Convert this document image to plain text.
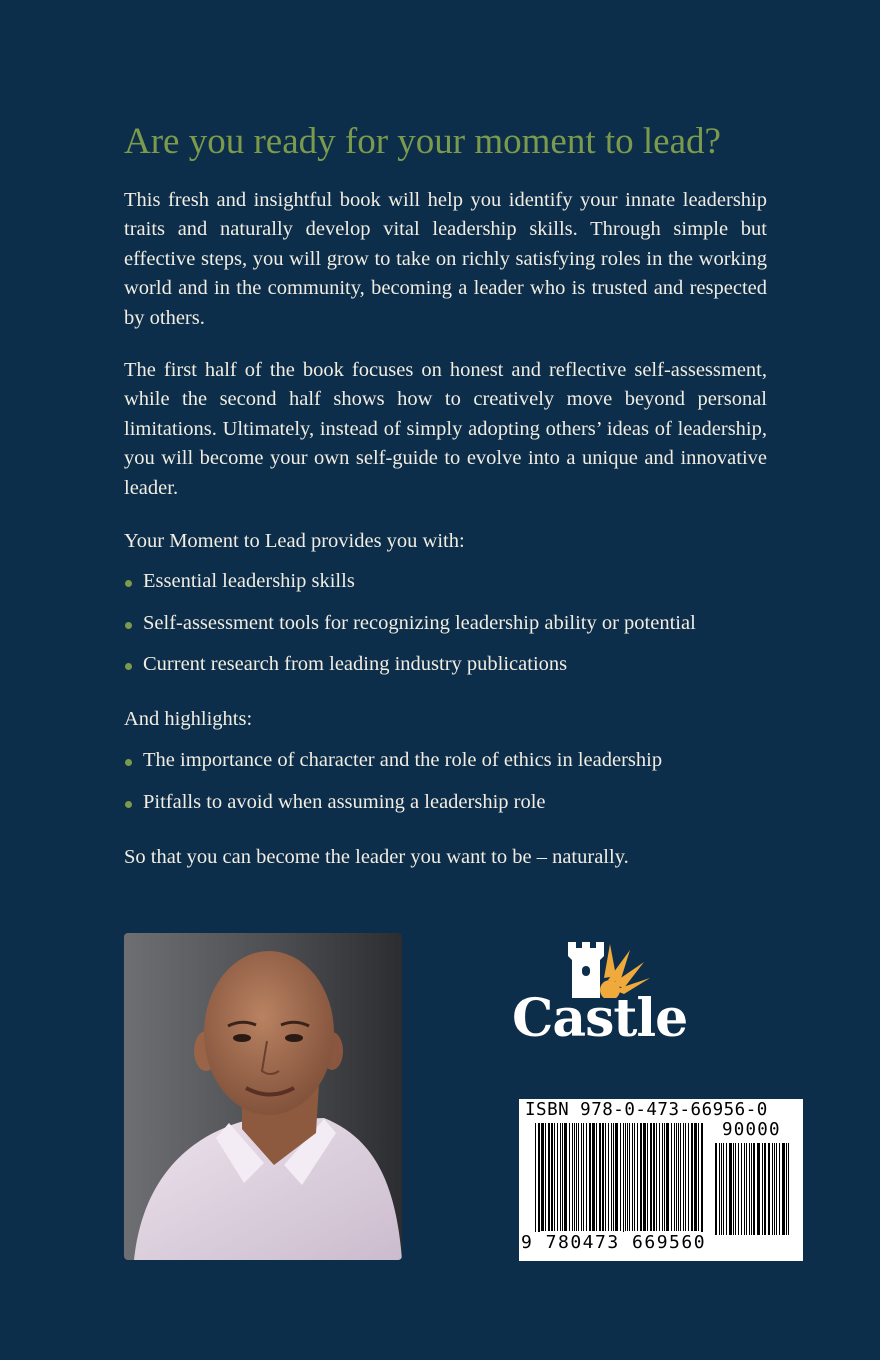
Are you ready for your moment to lead?

This fresh and insightful book will help you identify your innate leadership traits and naturally develop vital leadership skills. Through simple but effective steps, you will grow to take on richly satisfying roles in the working world and in the community, becoming a leader who is trusted and respected by others.

The first half of the book focuses on honest and reflective self-assessment, while the second half shows how to creatively move beyond personal limitations. Ultimately, instead of simply adopting others’ ideas of leadership, you will become your own self-guide to evolve into a unique and innovative leader.

Your Moment to Lead provides you with:

Essential leadership skills
Self-assessment tools for recognizing leadership ability or potential
Current research from leading industry publications

And highlights:

The importance of character and the role of ethics in leadership
Pitfalls to avoid when assuming a leadership role

So that you can become the leader you want to be – naturally.

Castle

ISBN 978-0-473-66956-0

9 780473 669560

90000
